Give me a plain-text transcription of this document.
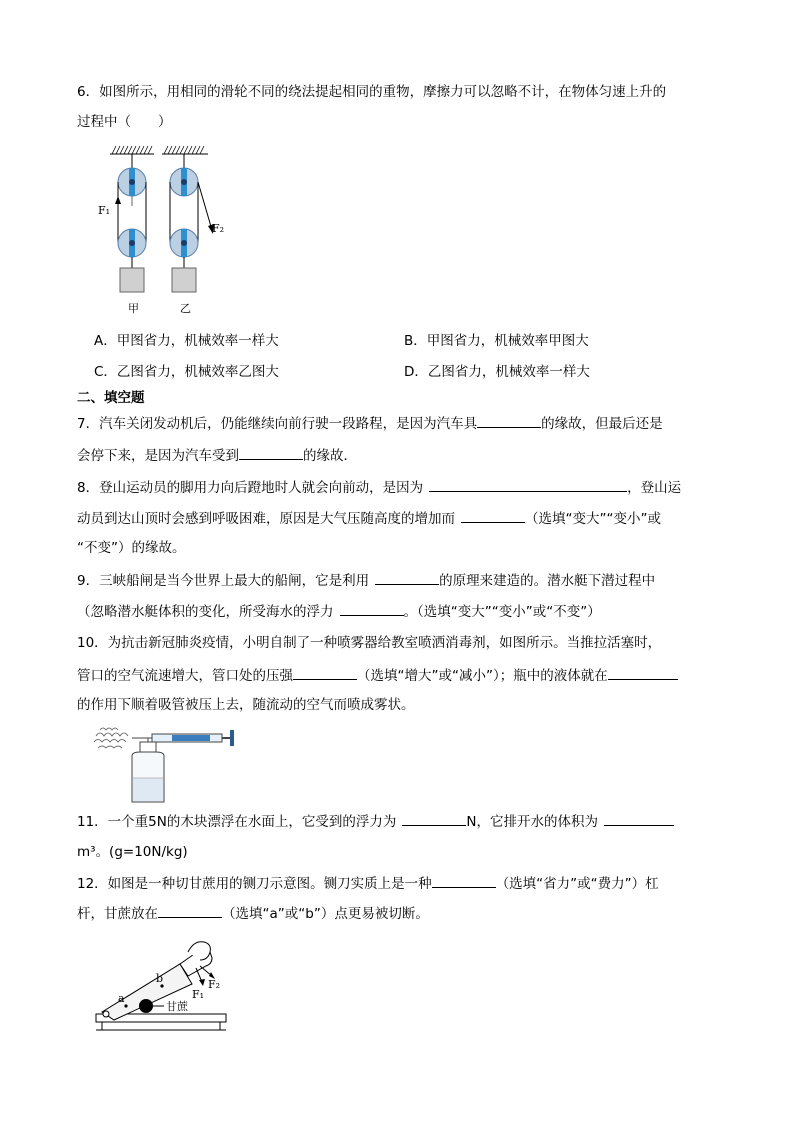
6．如图所示，用相同的滑轮不同的绕法提起相同的重物，摩擦力可以忽略不计，在物体匀速上升的
过程中（　　）
F₁
F₂
甲	乙
A．甲图省力，机械效率一样大	B．甲图省力，机械效率甲图大
C．乙图省力，机械效率乙图大	D．乙图省力，机械效率一样大
二、填空题
7．汽车关闭发动机后，仍能继续向前行驶一段路程，是因为汽车具	的缘故，但最后还是
会停下来，是因为汽车受到	的缘故．
8．登山运动员的脚用力向后蹬地时人就会向前动，是因为	，登山运
动员到达山顶时会感到呼吸困难，原因是大气压随高度的增加而	（选填“变大”“变小”或
“不变”）的缘故。
9．三峡船闸是当今世界上最大的船闸，它是利用	的原理来建造的。潜水艇下潜过程中
（忽略潜水艇体积的变化，所受海水的浮力	。（选填“变大”“变小”或“不变”）
10．为抗击新冠肺炎疫情，小明自制了一种喷雾器给教室喷洒消毒剂，如图所示。当推拉活塞时，
管口的空气流速增大，管口处的压强	（选填“增大”或“减小”）；瓶中的液体就在
的作用下顺着吸管被压上去，随流动的空气而喷成雾状。
11．一个重5N的木块漂浮在水面上，它受到的浮力为	N，它排开水的体积为
m³。(g=10N/kg)
12．如图是一种切甘蔗用的铡刀示意图。铡刀实质上是一种	（选填“省力”或“费力”）杠
杆，甘蔗放在	（选填“a”或“b”）点更易被切断。
a
b
F₁
F₂
甘蔗
